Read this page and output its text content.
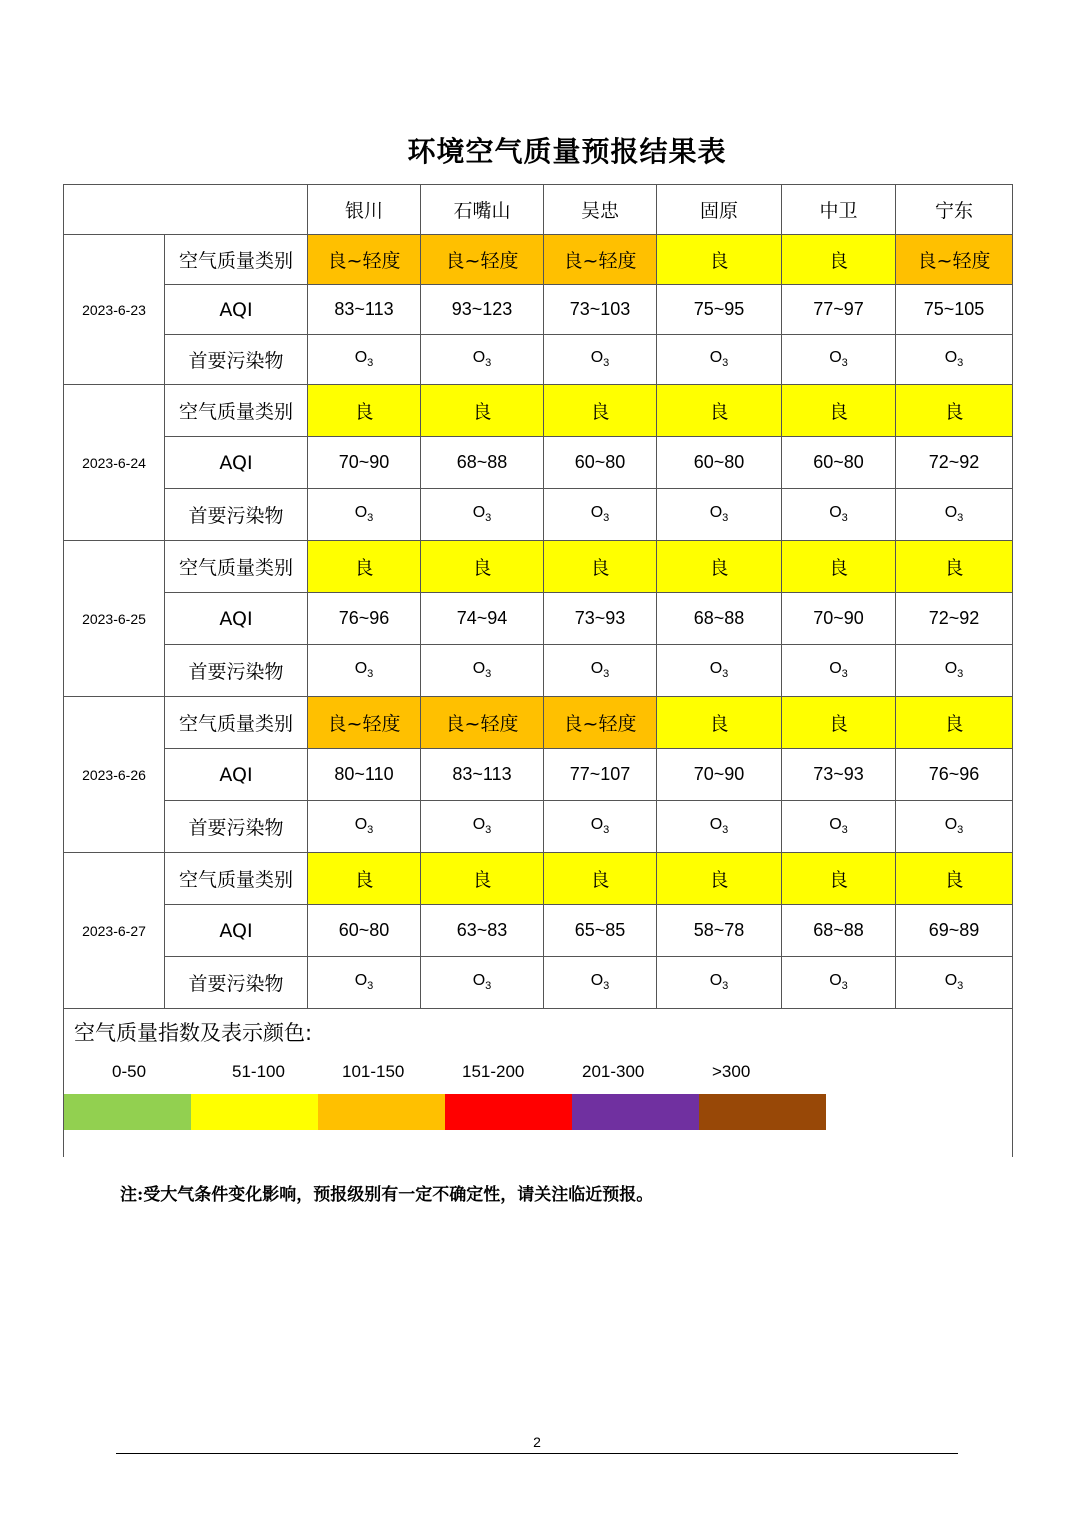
环境空气质量预报结果表
		银川	石嘴山	吴忠	固原	中卫	宁东
2023-6-23	空气质量类别	良~轻度	良~轻度	良~轻度	良	良	良~轻度
	AQI	83~113	93~123	73~103	75~95	77~97	75~105
	首要污染物	$O_3$	$O_3$	$O_3$	$O_3$	$O_3$	$O_3$
2023-6-24	空气质量类别	良	良	良	良	良	良
	AQI	70~90	68~88	60~80	60~80	60~80	72~92
	首要污染物	$O_3$	$O_3$	$O_3$	$O_3$	$O_3$	$O_3$
2023-6-25	空气质量类别	良	良	良	良	良	良
	AQI	76~96	74~94	73~93	68~88	70~90	72~92
	首要污染物	$O_3$	$O_3$	$O_3$	$O_3$	$O_3$	$O_3$
2023-6-26	空气质量类别	良~轻度	良~轻度	良~轻度	良	良	良
	AQI	80~110	83~113	77~107	70~90	73~93	76~96
	首要污染物	$O_3$	$O_3$	$O_3$	$O_3$	$O_3$	$O_3$
2023-6-27	空气质量类别	良	良	良	良	良	良
	AQI	60~80	63~83	65~85	58~78	68~88	69~89
	首要污染物	$O_3$	$O_3$	$O_3$	$O_3$	$O_3$	$O_3$
空气质量指数及表示颜色:
0-50	51-100	101-150	151-200	201-300	>300
注:受大气条件变化影响，预报级别有一定不确定性，请关注临近预报。
2
